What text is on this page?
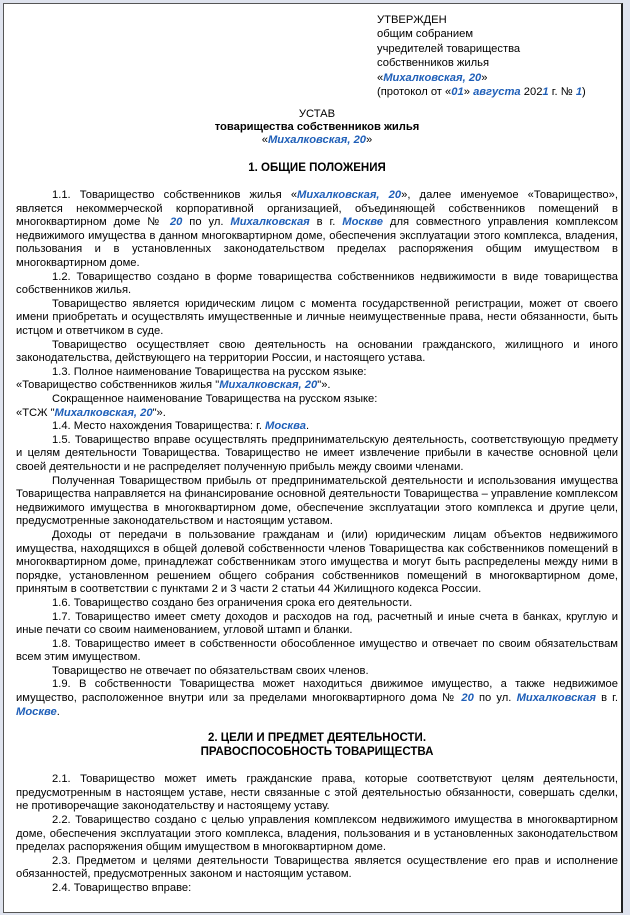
УТВЕРЖДЕН
общим собранием
учредителей товарищества
собственников жилья
«Михалковская, 20»
(протокол от «01» августа 2021 г. № 1)
УСТАВ
товарищества собственников жилья
«Михалковская, 20»
1. ОБЩИЕ ПОЛОЖЕНИЯ

1.1. Товарищество собственников жилья «Михалковская, 20», далее именуемое «Товарищество», является некоммерческой корпоративной организацией, объединяющей собственников помещений в многоквартирном доме № 20 по ул. Михалковская в г. Москве для совместного управления комплексом недвижимого имущества в данном многоквартирном доме, обеспечения эксплуатации этого комплекса, владения, пользования и в установленных законодательством пределах распоряжения общим имуществом в многоквартирном доме.

1.2. Товарищество создано в форме товарищества собственников недвижимости в виде товарищества собственников жилья.

Товарищество является юридическим лицом с момента государственной регистрации, может от своего имени приобретать и осуществлять имущественные и личные неимущественные права, нести обязанности, быть истцом и ответчиком в суде.

Товарищество осуществляет свою деятельность на основании гражданского, жилищного и иного законодательства, действующего на территории России, и настоящего устава.

1.3. Полное наименование Товарищества на русском языке:

«Товарищество собственников жилья "Михалковская, 20"».

Сокращенное наименование Товарищества на русском языке:

«ТСЖ "Михалковская, 20"».

1.4. Место нахождения Товарищества: г. Москва.

1.5. Товарищество вправе осуществлять предпринимательскую деятельность, соответствующую предмету и целям деятельности Товарищества. Товарищество не имеет извлечение прибыли в качестве основной цели своей деятельности и не распределяет полученную прибыль между своими членами.

Полученная Товариществом прибыль от предпринимательской деятельности и использования имущества Товарищества направляется на финансирование основной деятельности Товарищества – управление комплексом недвижимого имущества в многоквартирном доме, обеспечение эксплуатации этого комплекса и другие цели, предусмотренные законодательством и настоящим уставом.

Доходы от передачи в пользование гражданам и (или) юридическим лицам объектов недвижимого имущества, находящихся в общей долевой собственности членов Товарищества как собственников помещений в многоквартирном доме, принадлежат собственникам этого имущества и могут быть распределены между ними в порядке, установленном решением общего собрания собственников помещений в многоквартирном доме, принятым в соответствии с пунктами 2 и 3 части 2 статьи 44 Жилищного кодекса России.

1.6. Товарищество создано без ограничения срока его деятельности.

1.7. Товарищество имеет смету доходов и расходов на год, расчетный и иные счета в банках, круглую и иные печати со своим наименованием, угловой штамп и бланки.

1.8. Товарищество имеет в собственности обособленное имущество и отвечает по своим обязательствам всем этим имуществом.

Товарищество не отвечает по обязательствам своих членов.

1.9. В собственности Товарищества может находиться движимое имущество, а также недвижимое имущество, расположенное внутри или за пределами многоквартирного дома № 20 по ул. Михалковская в г. Москве.

2. ЦЕЛИ И ПРЕДМЕТ ДЕЯТЕЛЬНОСТИ.
ПРАВОСПОСОБНОСТЬ ТОВАРИЩЕСТВА

2.1. Товарищество может иметь гражданские права, которые соответствуют целям деятельности, предусмотренным в настоящем уставе, нести связанные с этой деятельностью обязанности, совершать сделки, не противоречащие законодательству и настоящему уставу.

2.2. Товарищество создано с целью управления комплексом недвижимого имущества в многоквартирном доме, обеспечения эксплуатации этого комплекса, владения, пользования и в установленных законодательством пределах распоряжения общим имуществом в многоквартирном доме.

2.3. Предметом и целями деятельности Товарищества является осуществление его прав и исполнение обязанностей, предусмотренных законом и настоящим уставом.

2.4. Товарищество вправе:
